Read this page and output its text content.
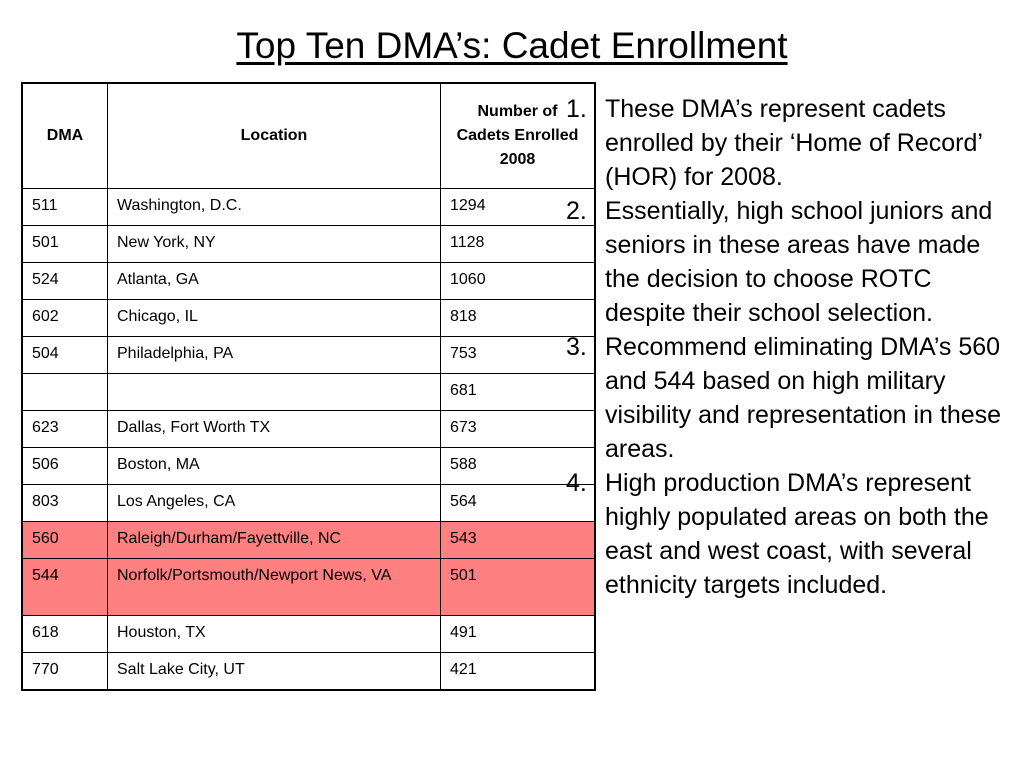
Top Ten DMA’s: Cadet Enrollment
DMA	Location	Number of Cadets Enrolled 2008
511	Washington, D.C.	1294
501	New York, NY	1128
524	Atlanta, GA	1060
602	Chicago, IL	818
504	Philadelphia, PA	753
		681
623	Dallas, Fort Worth TX	673
506	Boston, MA	588
803	Los Angeles, CA	564
560	Raleigh/Durham/Fayettville, NC	543
544	Norfolk/Portsmouth/Newport News, VA	501
618	Houston, TX	491
770	Salt Lake City, UT	421
1. These DMA’s represent cadets enrolled by their ‘Home of Record’ (HOR) for 2008.
2. Essentially, high school juniors and seniors in these areas have made the decision to choose ROTC despite their school selection.
3. Recommend eliminating DMA’s 560 and 544 based on high military visibility and representation in these areas.
4. High production DMA’s represent highly populated areas on both the east and west coast, with several ethnicity targets included.
